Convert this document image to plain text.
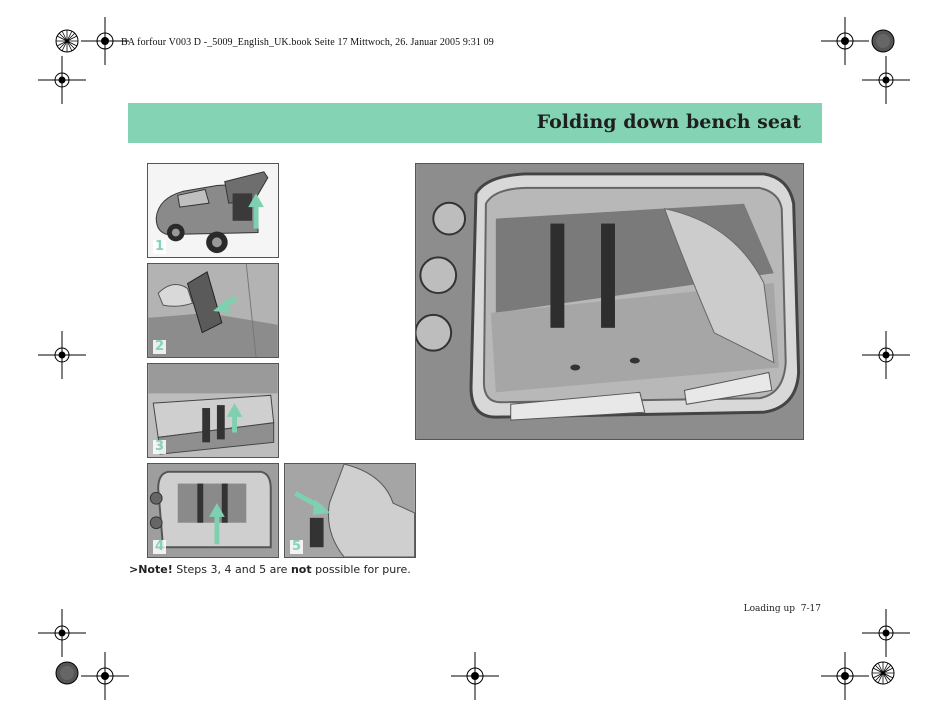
BA forfour V003 D -_5009_English_UK.book Seite 17 Mittwoch, 26. Januar 2005 9:31 09
Folding down bench seat
1
2
3
4	5
>Note! Steps 3, 4 and 5 are not possible for pure.
Loading up 7-17
